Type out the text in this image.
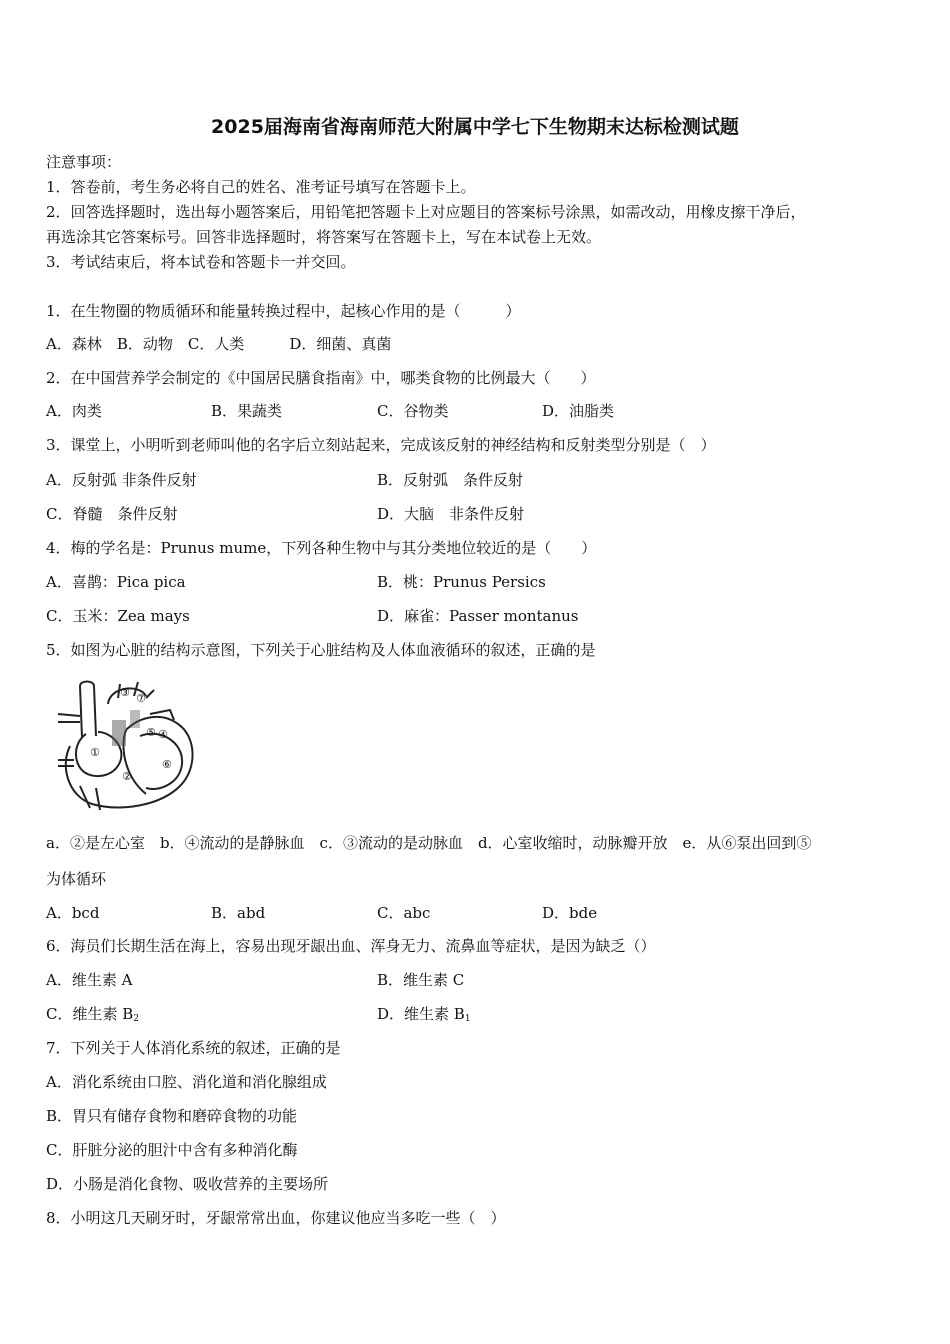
2025届海南省海南师范大附属中学七下生物期末达标检测试题
注意事项：
1．答卷前，考生务必将自己的姓名、准考证号填写在答题卡上。
2．回答选择题时，选出每小题答案后，用铅笔把答题卡上对应题目的答案标号涂黑，如需改动，用橡皮擦干净后，
再选涂其它答案标号。回答非选择题时，将答案写在答题卡上，写在本试卷上无效。
3．考试结束后，将本试卷和答题卡一并交回。
1．在生物圈的物质循环和能量转换过程中，起核心作用的是（　　　）
A．森林　B．动物　C．人类　　　D．细菌、真菌
2．在中国营养学会制定的《中国居民膳食指南》中，哪类食物的比例最大（　　）
A．肉类	B．果蔬类	C．谷物类	D．油脂类
3．课堂上，小明听到老师叫他的名字后立刻站起来，完成该反射的神经结构和反射类型分别是（　）
A．反射弧 非条件反射	B．反射弧　条件反射
C．脊髓　条件反射	D．大脑　非条件反射
4．梅的学名是：Prunus mume，下列各种生物中与其分类地位较近的是（　　）
A．喜鹊：Pica pica	B．桃：Prunus Persics
C．玉米：Zea mays	D．麻雀：Passer montanus
5．如图为心脏的结构示意图，下列关于心脏结构及人体血液循环的叙述，正确的是
③ ⑦
①
②
⑤ ④
⑥
a．②是左心室　b．④流动的是静脉血　c．③流动的是动脉血　d．心室收缩时，动脉瓣开放　e．从⑥泵出回到⑤
为体循环
A．bcd	B．abd	C．abc	D．bde
6．海员们长期生活在海上，容易出现牙龈出血、浑身无力、流鼻血等症状，是因为缺乏（）
A．维生素 A	B．维生素 C
C．维生素 $B_2$	D．维生素 $B_1$
7．下列关于人体消化系统的叙述，正确的是
A．消化系统由口腔、消化道和消化腺组成
B．胃只有储存食物和磨碎食物的功能
C．肝脏分泌的胆汁中含有多种消化酶
D．小肠是消化食物、吸收营养的主要场所
8．小明这几天刷牙时，牙龈常常出血，你建议他应当多吃一些（　）
